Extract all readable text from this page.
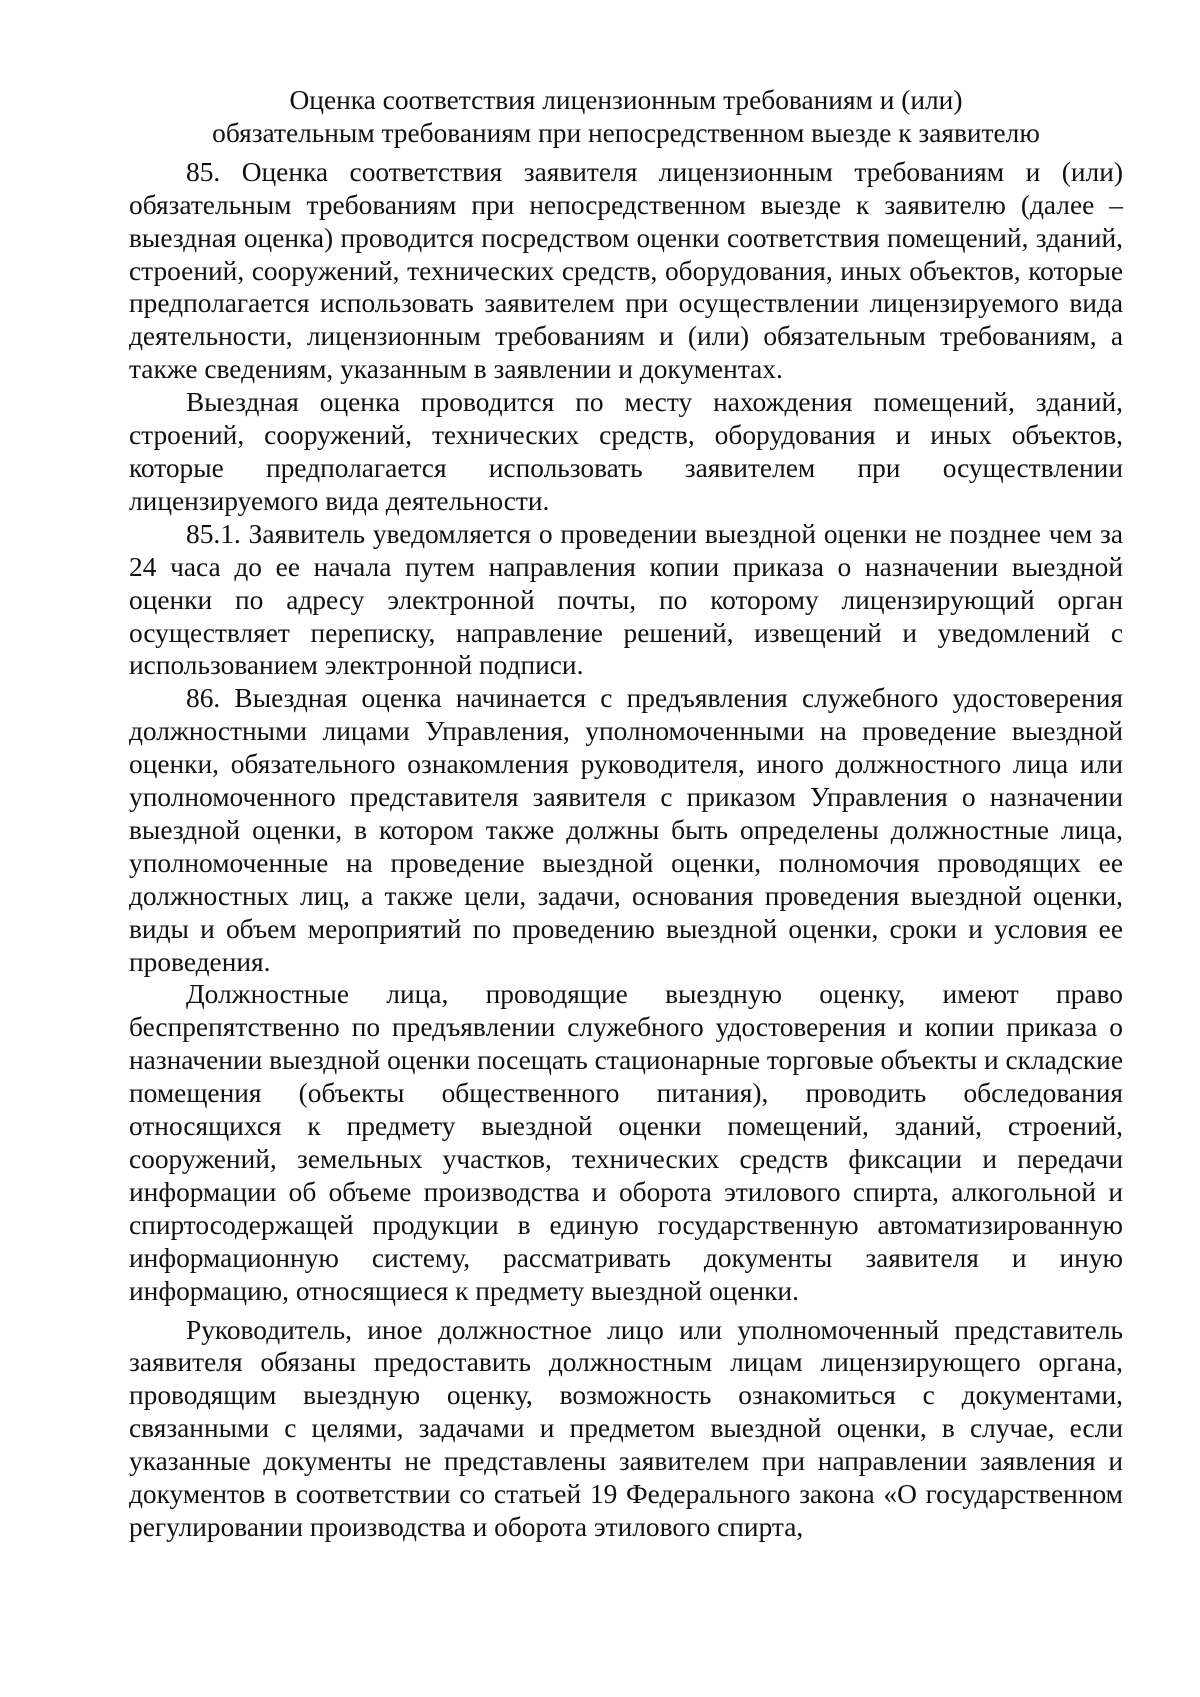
Оценка соответствия лицензионным требованиям и (или)

обязательным требованиям при непосредственном выезде к заявителю

85. Оценка соответствия заявителя лицензионным требованиям и (или) обязательным требованиям при непосредственном выезде к заявителю (далее – выездная оценка) проводится посредством оценки соответствия помещений, зданий, строений, сооружений, технических средств, оборудования, иных объектов, которые предполагается использовать заявителем при осуществлении лицензируемого вида деятельности, лицензионным требованиям и (или) обязательным требованиям, а также сведениям, указанным в заявлении и документах.

Выездная оценка проводится по месту нахождения помещений, зданий, строений, сооружений, технических средств, оборудования и иных объектов, которые предполагается использовать заявителем при осуществлении лицензируемого вида деятельности.

85.1. Заявитель уведомляется о проведении выездной оценки не позднее чем за 24 часа до ее начала путем направления копии приказа о назначении выездной оценки по адресу электронной почты, по которому лицензирующий орган осуществляет переписку, направление решений, извещений и уведомлений с использованием электронной подписи.

86. Выездная оценка начинается с предъявления служебного удостоверения должностными лицами Управления, уполномоченными на проведение выездной оценки, обязательного ознакомления руководителя, иного должностного лица или уполномоченного представителя заявителя с приказом Управления о назначении выездной оценки, в котором также должны быть определены должностные лица, уполномоченные на проведение выездной оценки, полномочия проводящих ее должностных лиц, а также цели, задачи, основания проведения выездной оценки, виды и объем мероприятий по проведению выездной оценки, сроки и условия ее проведения.

Должностные лица, проводящие выездную оценку, имеют право беспрепятственно по предъявлении служебного удостоверения и копии приказа о назначении выездной оценки посещать стационарные торговые объекты и складские помещения (объекты общественного питания), проводить обследования относящихся к предмету выездной оценки помещений, зданий, строений, сооружений, земельных участков, технических средств фиксации и передачи информации об объеме производства и оборота этилового спирта, алкогольной и спиртосодержащей продукции в единую государственную автоматизированную информационную систему, рассматривать документы заявителя и иную информацию, относящиеся к предмету выездной оценки.

Руководитель, иное должностное лицо или уполномоченный представитель заявителя обязаны предоставить должностным лицам лицензирующего органа, проводящим выездную оценку, возможность ознакомиться с документами, связанными с целями, задачами и предметом выездной оценки, в случае, если указанные документы не представлены заявителем при направлении заявления и документов в соответствии со статьей 19 Федерального закона «О государственном регулировании производства и оборота этилового спирта,
